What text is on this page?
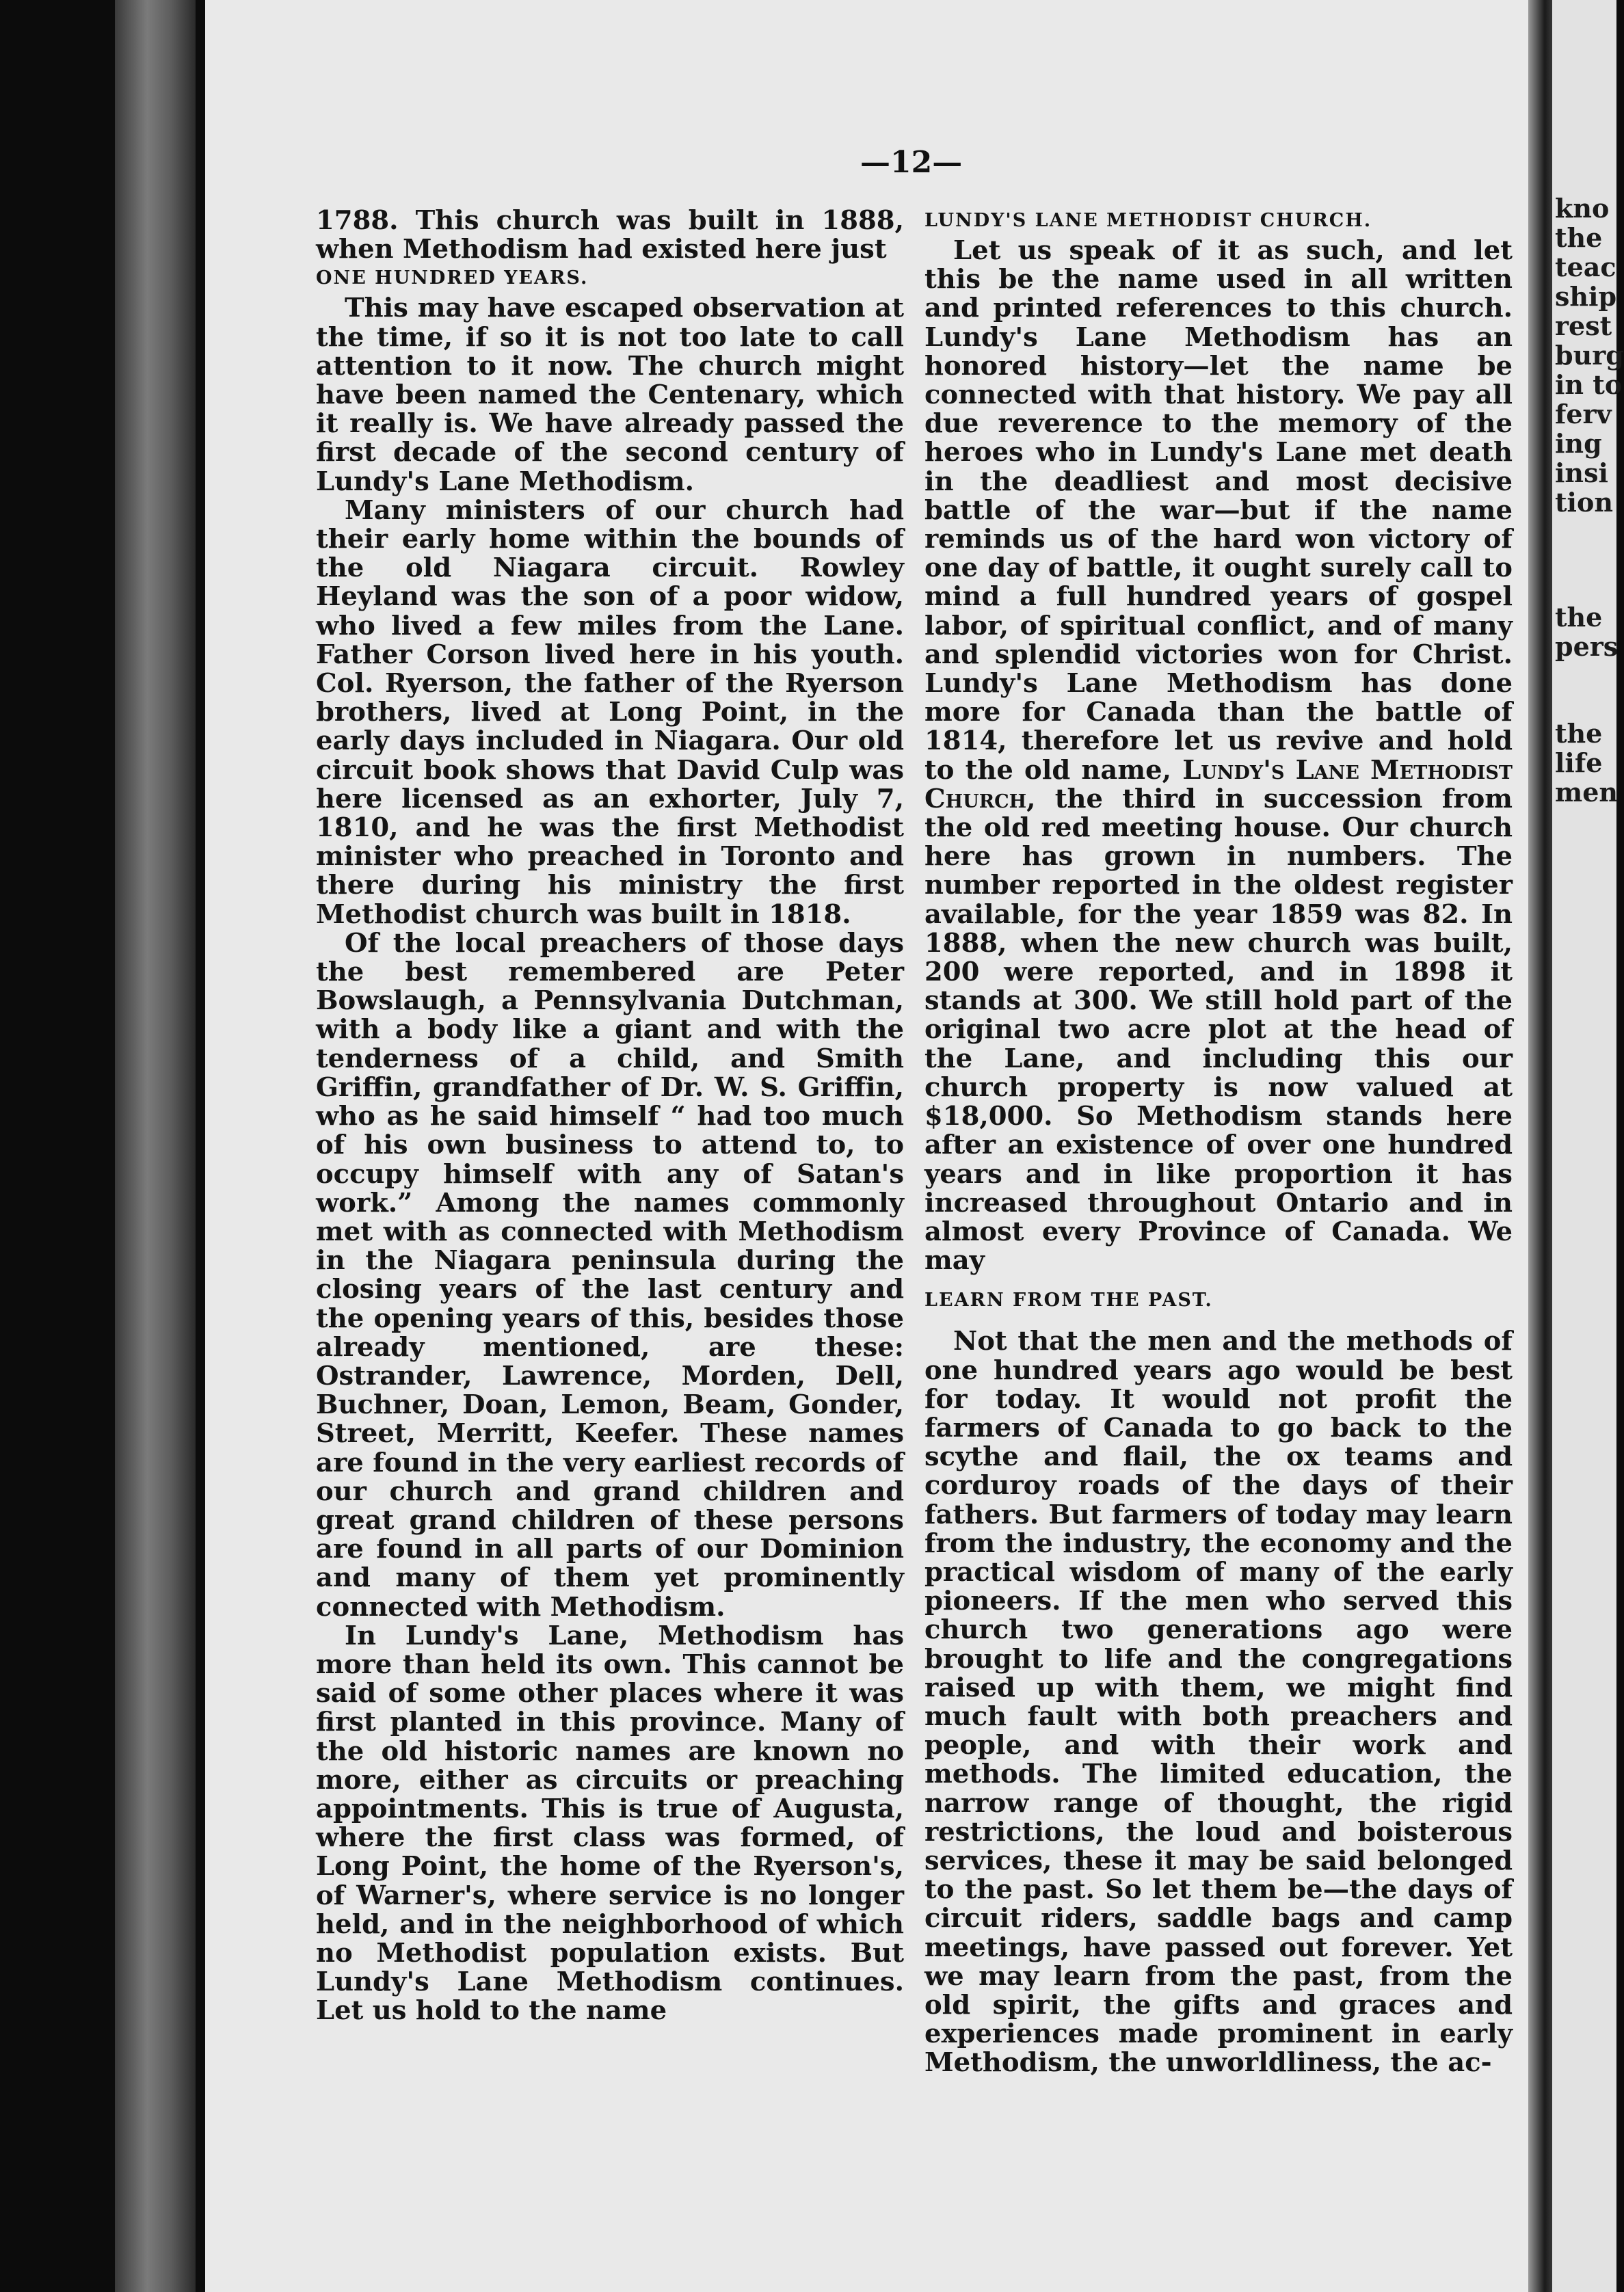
—12—

1788. This church was built in 1888, when Methodism had existed here just

ONE HUNDRED YEARS.

This may have escaped observation at the time, if so it is not too late to call attention to it now. The church might have been named the Centenary, which it really is. We have already passed the first decade of the second century of Lundy's Lane Methodism.

Many ministers of our church had their early home within the bounds of the old Niagara circuit. Rowley Heyland was the son of a poor widow, who lived a few miles from the Lane. Father Corson lived here in his youth. Col. Ryerson, the father of the Ryerson brothers, lived at Long Point, in the early days included in Niagara. Our old circuit book shows that David Culp was here licensed as an exhorter, July 7, 1810, and he was the first Methodist minister who preached in Toronto and there during his ministry the first Methodist church was built in 1818.

Of the local preachers of those days the best remembered are Peter Bowslaugh, a Pennsylvania Dutchman, with a body like a giant and with the tenderness of a child, and Smith Griffin, grandfather of Dr. W. S. Griffin, who as he said himself “ had too much of his own business to attend to, to occupy himself with any of Satan's work.” Among the names commonly met with as connected with Methodism in the Niagara peninsula during the closing years of the last century and the opening years of this, besides those already mentioned, are these: Ostrander, Lawrence, Morden, Dell, Buchner, Doan, Lemon, Beam, Gonder, Street, Merritt, Keefer. These names are found in the very earliest records of our church and grand children and great grand children of these persons are found in all parts of our Dominion and many of them yet prominently connected with Methodism.

In Lundy's Lane, Methodism has more than held its own. This cannot be said of some other places where it was first planted in this province. Many of the old historic names are known no more, either as circuits or preaching appointments. This is true of Augusta, where the first class was formed, of Long Point, the home of the Ryerson's, of Warner's, where service is no longer held, and in the neighborhood of which no Methodist population exists. But Lundy's Lane Methodism continues. Let us hold to the name

LUNDY'S LANE METHODIST CHURCH.

Let us speak of it as such, and let this be the name used in all written and printed references to this church. Lundy's Lane Methodism has an honored history—let the name be connected with that history. We pay all due reverence to the memory of the heroes who in Lundy's Lane met death in the deadliest and most decisive battle of the war—but if the name reminds us of the hard won victory of one day of battle, it ought surely call to mind a full hundred years of gospel labor, of spiritual conflict, and of many and splendid victories won for Christ. Lundy's Lane Methodism has done more for Canada than the battle of 1814, therefore let us revive and hold to the old name, Lundy's Lane Methodist Church, the third in succession from the old red meeting house. Our church here has grown in numbers. The number reported in the oldest register available, for the year 1859 was 82. In 1888, when the new church was built, 200 were reported, and in 1898 it stands at 300. We still hold part of the original two acre plot at the head of the Lane, and including this our church property is now valued at $18,000. So Methodism stands here after an existence of over one hundred years and in like proportion it has increased throughout Ontario and in almost every Province of Canada. We may

LEARN FROM THE PAST.

Not that the men and the methods of one hundred years ago would be best for today. It would not profit the farmers of Canada to go back to the scythe and flail, the ox teams and corduroy roads of the days of their fathers. But farmers of today may learn from the industry, the economy and the practical wisdom of many of the early pioneers. If the men who served this church two generations ago were brought to life and the congregations raised up with them, we might find much fault with both preachers and people, and with their work and methods. The limited education, the narrow range of thought, the rigid restrictions, the loud and boisterous services, these it may be said belonged to the past. So let them be—the days of circuit riders, saddle bags and camp meetings, have passed out forever. Yet we may learn from the past, from the old spirit, the gifts and graces and experiences made prominent in early Methodism, the unworldliness, the ac-

kno
the
teac
ship
rest
burg
in to
ferv
ing
insi
tion
the
pers
the
life
men
